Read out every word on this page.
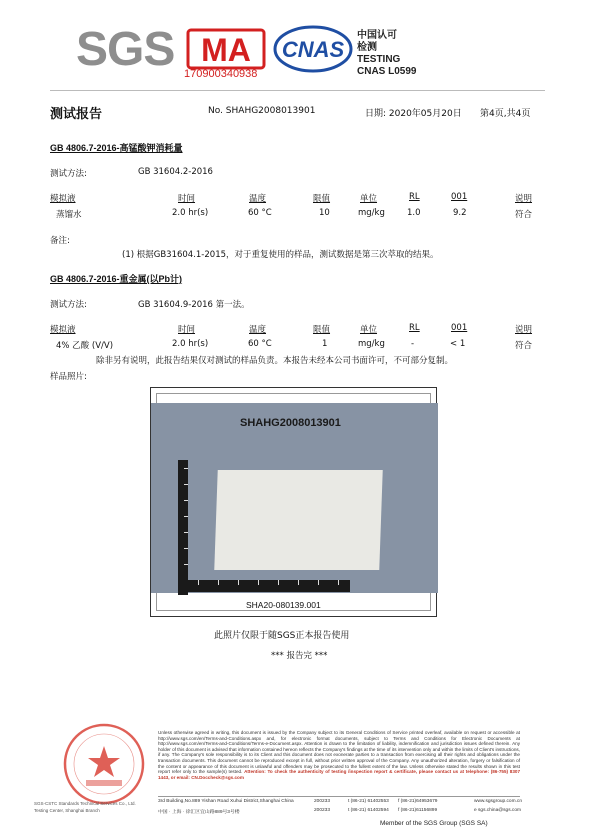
SGS MA
170900340938
CNAS
中国认可
检测
TESTING
CNAS L0599
测试报告	No. SHAHG2008013901	日期: 2020年05月20日 第4页,共4页
GB 4806.7-2016-高锰酸钾消耗量
测试方法:	GB 31604.2-2016
模拟液	时间	温度	限值	单位	RL	001	说明
蒸馏水	2.0 hr(s)	60 °C	10	mg/kg	1.0	9.2	符合
备注:
(1) 根据GB31604.1-2015，对于重复使用的样品，测试数据是第三次萃取的结果。
GB 4806.7-2016-重金属(以Pb计)
测试方法:	GB 31604.9-2016 第一法。
模拟液	时间	温度	限值	单位	RL	001	说明
4% 乙酸 (V/V)	2.0 hr(s)	60 °C	1	mg/kg	-	< 1	符合
除非另有说明，此报告结果仅对测试的样品负责。本报告未经本公司书面许可，不可部分复制。
样品照片:
SHAHG2008013901
SHA20-080139.001
此照片仅限于随SGS正本报告使用
*** 报告完 ***
Unless otherwise agreed in writing, this document is issued by the Company subject to its General Conditions of Service printed overleaf, available on request or accessible at http://www.sgs.com/en/Terms-and-Conditions.aspx and, for electronic format documents, subject to Terms and Conditions for Electronic Documents at http://www.sgs.com/en/Terms-and-Conditions/Terms-e-Document.aspx. Attention is drawn to the limitation of liability, indemnification and jurisdiction issues defined therein. Any holder of this document is advised that information contained hereon reflects the Company's findings at the time of its intervention only and within the limits of Client's instructions, if any. The Company's sole responsibility is to its Client and this document does not exonerate parties to a transaction from exercising all their rights and obligations under the transaction documents. This document cannot be reproduced except in full, without prior written approval of the Company. Any unauthorized alteration, forgery or falsification of the content or appearance of this document is unlawful and offenders may be prosecuted to the fullest extent of the law. Unless otherwise stated the results shown in this test report refer only to the sample(s) tested. Attention: To check the authenticity of testing /inspection report & certificate, please contact us at telephone: (86-755) 8307 1443, or email: CN.Doccheck@sgs.com
3rd Building,No.889 Yishan Road Xuhui District,Shanghai China	200233	t (86-21) 61402553 f (86-21)64953679	www.sgsgroup.com.cn
中国 · 上海 · 徐汇区宜山路889号3号楼	200233	t (86-21) 61402594 f (86-21)61156899	e sgs.china@sgs.com
SGS-CSTC Standards Technical Services Co., Ltd.
Testing Center, Shanghai Branch
Member of the SGS Group (SGS SA)
